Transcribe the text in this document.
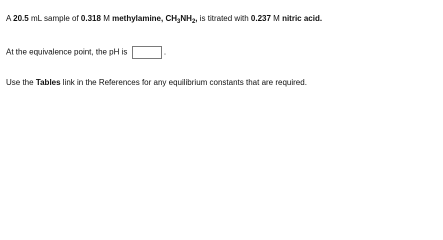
A 20.5 mL sample of 0.318 M methylamine, $CH_3NH_2$, is titrated with 0.237 M nitric acid.
At the equivalence point, the pH is	.
Use the Tables link in the References for any equilibrium constants that are required.
